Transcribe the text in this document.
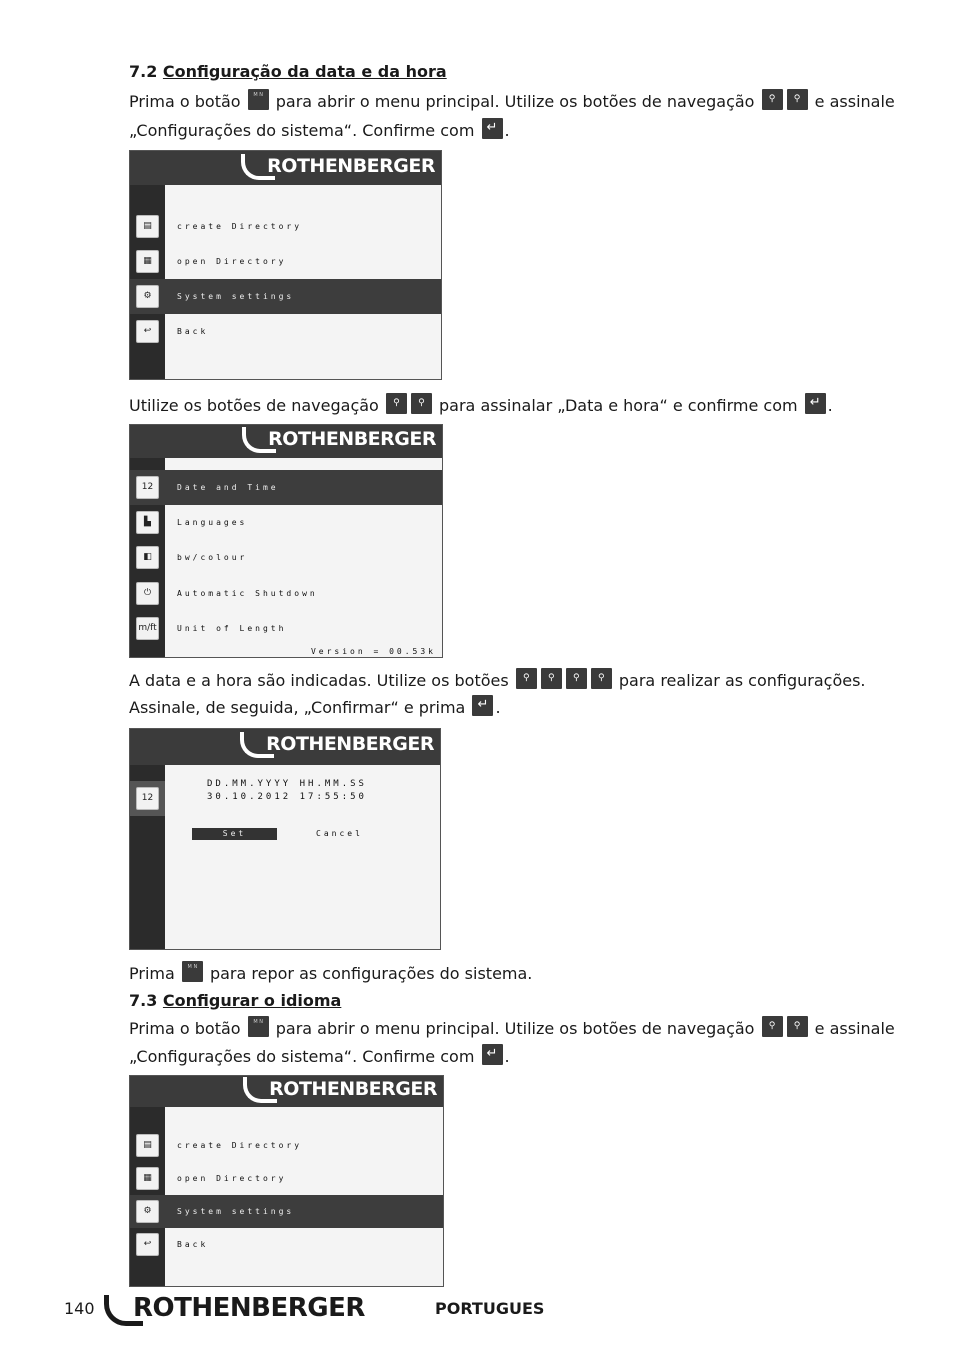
7.2 Configuração da data e da hora
Prima o botão	M N para abrir o menu principal. Utilize os botões de navegação	⚲	⚲ e assinale
„Configurações do sistema“. Confirme com ↵ .
ROTHENBERGER
▤	create Directory
▦	open Directory
⚙	System settings
↩	Back
Utilize os botões de navegação	⚲	⚲ para assinalar „Data e hora“ e confirme com ↵ .
ROTHENBERGER
12	Date and Time
▙	Languages
◧	bw/colour
⏻	Automatic Shutdown
m/ft	Unit of Length
Version = 00.53k
A data e a hora são indicadas. Utilize os botões	⚲	⚲	⚲	⚲ para realizar as configurações.
Assinale, de seguida, „Confirmar“ e prima ↵ .
ROTHENBERGER
12
DD.MM.YYYY HH.MM.SS
30.10.2012 17:55:50
Set	Cancel
Prima	M N para repor as configurações do sistema.
7.3 Configurar o idioma
Prima o botão	M N para abrir o menu principal. Utilize os botões de navegação	⚲	⚲ e assinale
„Configurações do sistema“. Confirme com ↵ .
ROTHENBERGER
▤	create Directory
▦	open Directory
⚙	System settings
↩	Back
140	ROTHENBERGER	PORTUGUES
